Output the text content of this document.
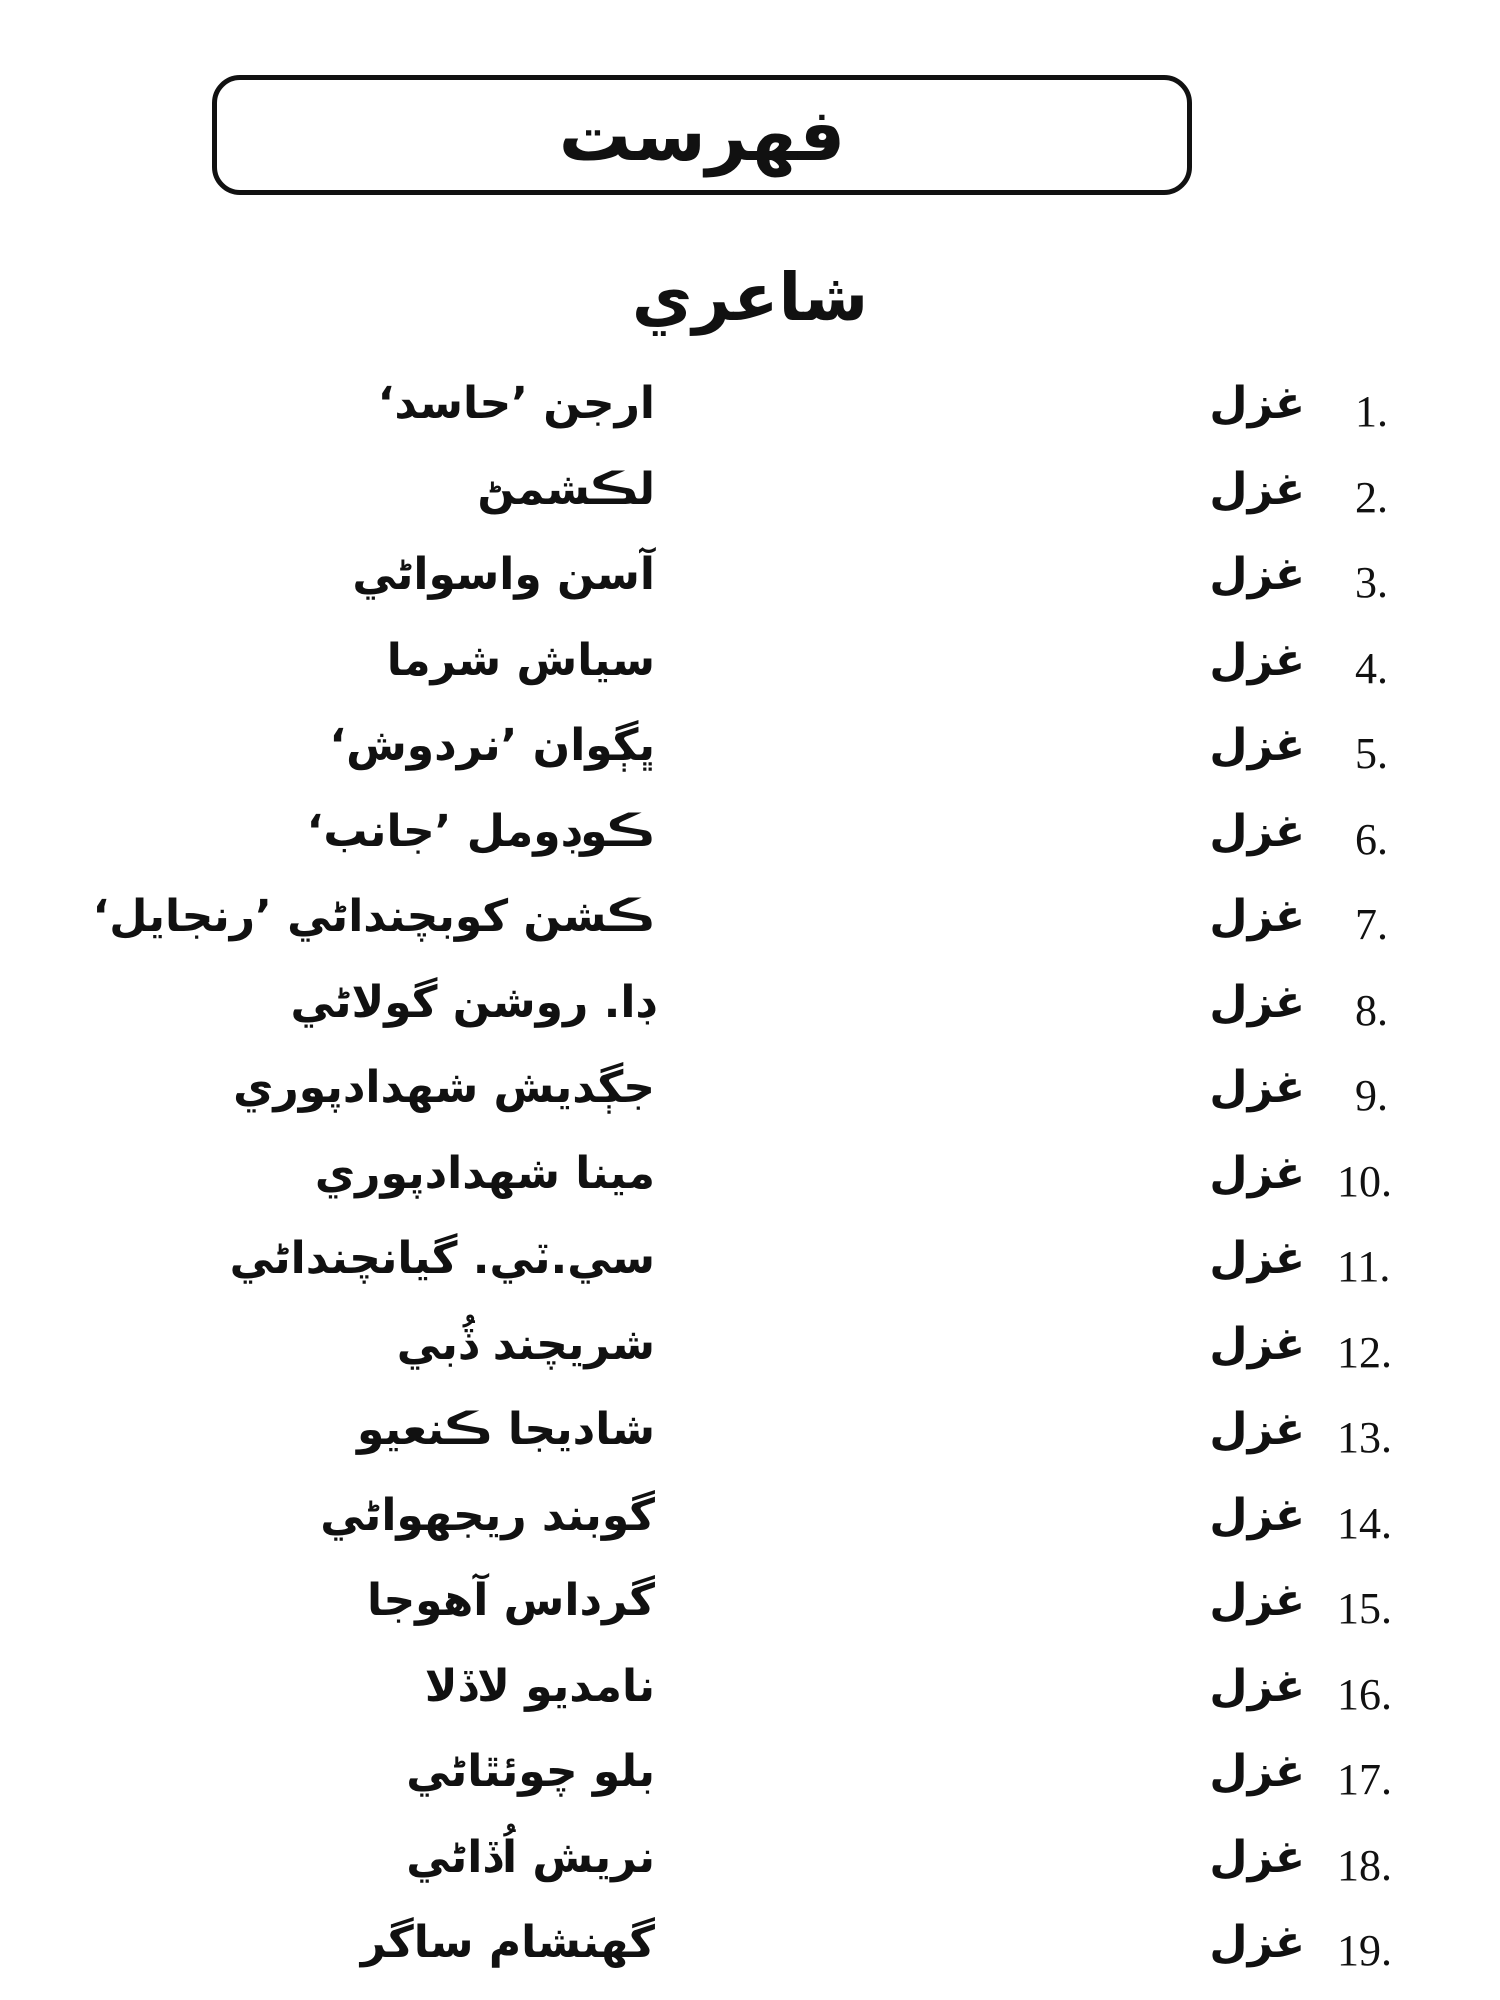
فهرست
شاعري
1.
غزل
ارجن ’حاسد‘
2.
غزل
لڪشمڻ
3.
غزل
آسن واسواڻي
4.
غزل
سياش شرما
5.
غزل
ڀڳوان ’نردوش‘
6.
غزل
ڪوڊومل ’جانب‘
7.
غزل
ڪشن کوبچنداڻي ’رنجايل‘
8.
غزل
ڊا. روشن گولاڻي
9.
غزل
جڳديش شهدادپوري
10.
غزل
مينا شهدادپوري
11.
غزل
سي.ٽي. گيانچنداڻي
12.
غزل
شريچند ڏُبي
13.
غزل
شاديجا ڪنعيو
14.
غزل
گوبند ريجهواڻي
15.
غزل
گرداس آهوجا
16.
غزل
نامديو لاڏلا
17.
غزل
بلو چوئٿاڻي
18.
غزل
نريش اُڏاڻي
19.
غزل
گهنشام ساگر
